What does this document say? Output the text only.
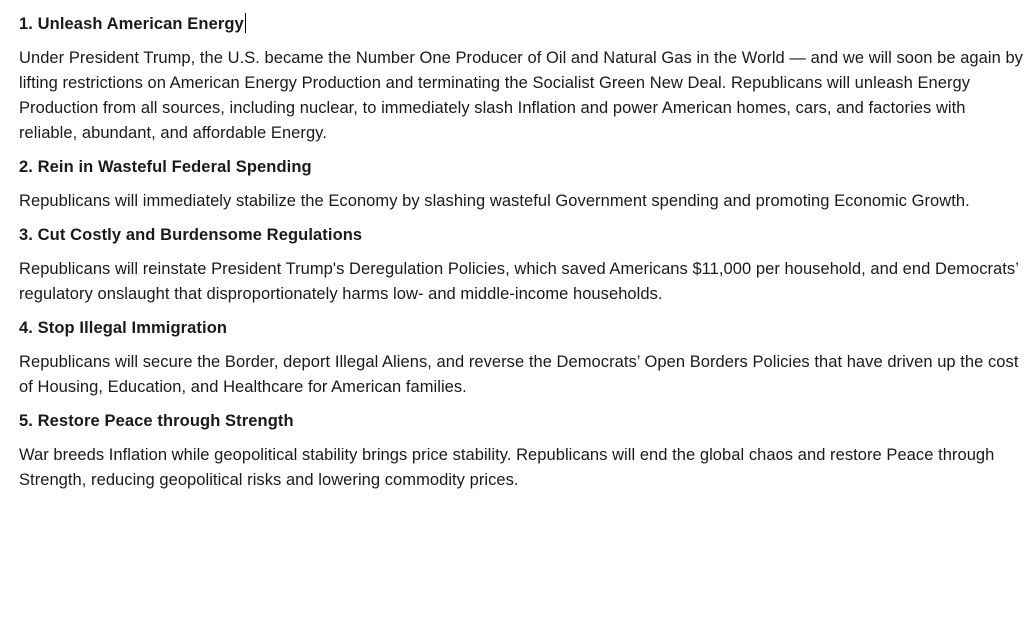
1. Unleash American Energy
Under President Trump, the U.S. became the Number One Producer of Oil and Natural Gas in the World — and we will soon be again by lifting restrictions on American Energy Production and terminating the Socialist Green New Deal. Republicans will unleash Energy Production from all sources, including nuclear, to immediately slash Inflation and power American homes, cars, and factories with reliable, abundant, and affordable Energy.
2. Rein in Wasteful Federal Spending
Republicans will immediately stabilize the Economy by slashing wasteful Government spending and promoting Economic Growth.
3. Cut Costly and Burdensome Regulations
Republicans will reinstate President Trump's Deregulation Policies, which saved Americans $11,000 per household, and end Democrats’ regulatory onslaught that disproportionately harms low- and middle-income households.
4. Stop Illegal Immigration
Republicans will secure the Border, deport Illegal Aliens, and reverse the Democrats’ Open Borders Policies that have driven up the cost of Housing, Education, and Healthcare for American families.
5. Restore Peace through Strength
War breeds Inflation while geopolitical stability brings price stability. Republicans will end the global chaos and restore Peace through Strength, reducing geopolitical risks and lowering commodity prices.
